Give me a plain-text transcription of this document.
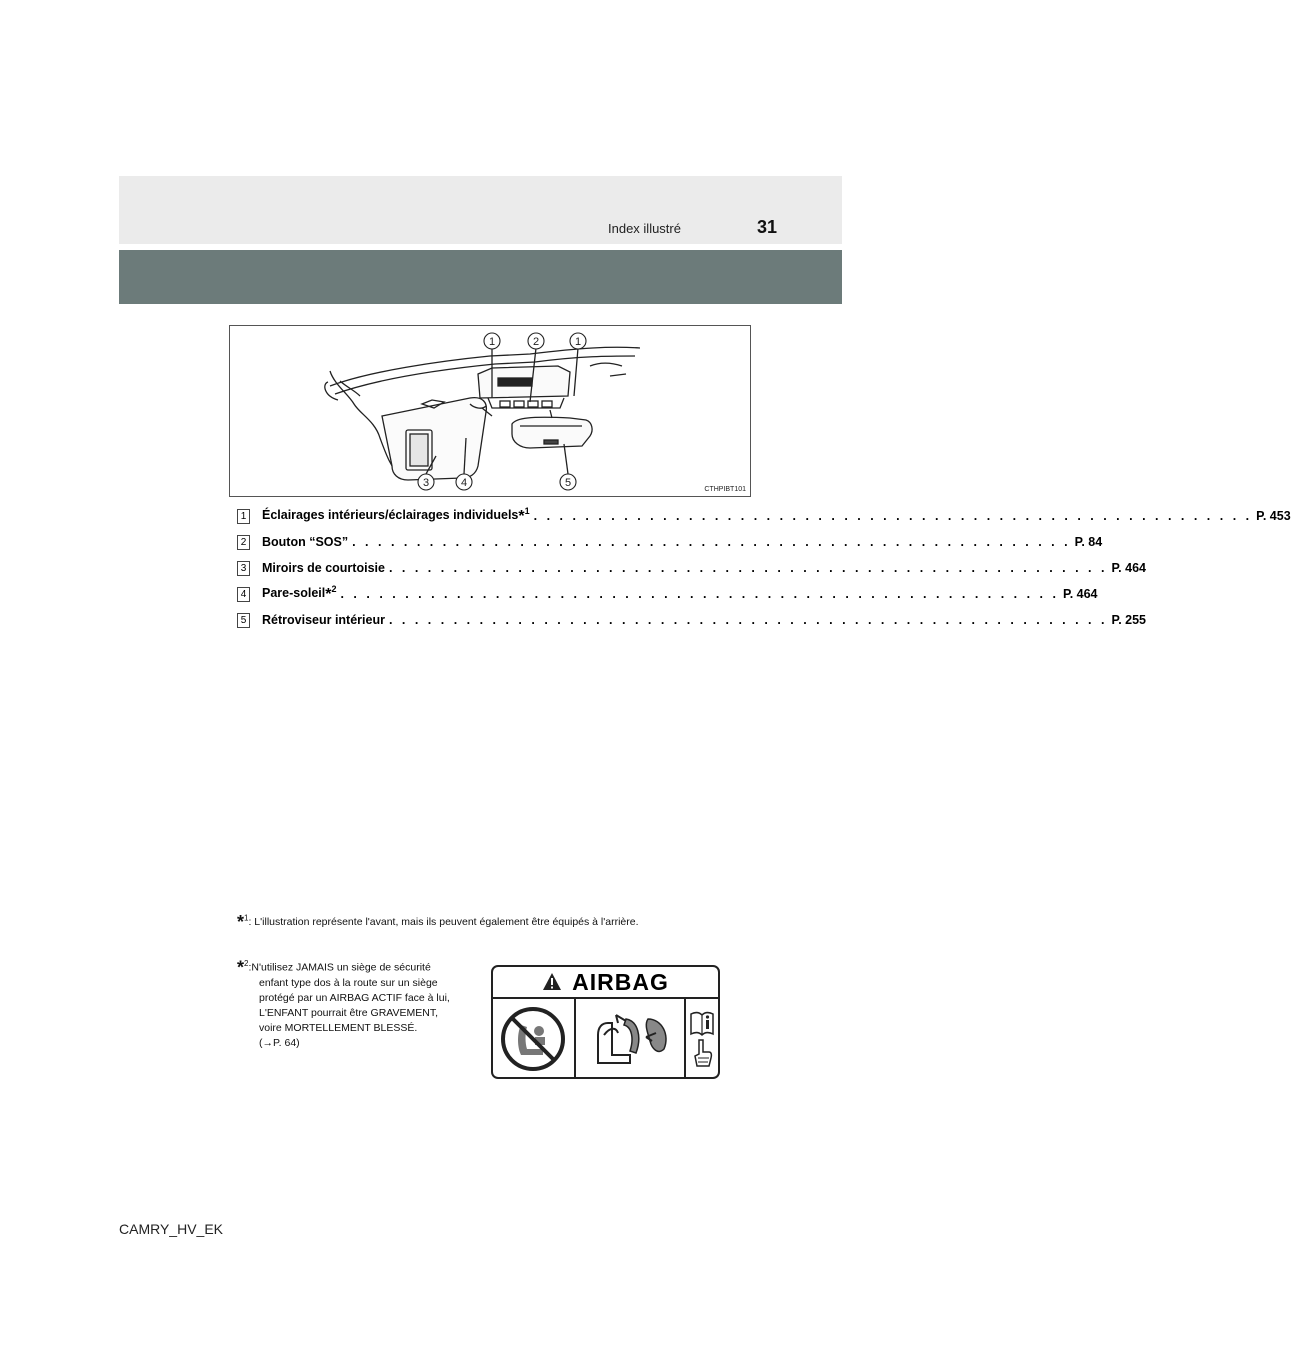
Index illustré	31
1	2	1
3	4	5
CTHPIBT101
1 Éclairages intérieurs/éclairages individuels*$^1$ . . . . . . . . . . . . . . . . . . . . . . . . . . . . . . . . . . . . . . . . . . . . . . . . . . . . . . . . P. 453
2 Bouton “SOS” . . . . . . . . . . . . . . . . . . . . . . . . . . . . . . . . . . . . . . . . . . . . . . . . . . . . . . . . P. 84
3 Miroirs de courtoisie . . . . . . . . . . . . . . . . . . . . . . . . . . . . . . . . . . . . . . . . . . . . . . . . . . . . . . . . P. 464
4 Pare-soleil*$^2$ . . . . . . . . . . . . . . . . . . . . . . . . . . . . . . . . . . . . . . . . . . . . . . . . . . . . . . . . P. 464
5 Rétroviseur intérieur . . . . . . . . . . . . . . . . . . . . . . . . . . . . . . . . . . . . . . . . . . . . . . . . . . . . . . . . P. 255
*$^1$: L'illustration représente l'avant, mais ils peuvent également être équipés à l'arrière.
*$^2$:N'utilisez JAMAIS un siège de sécurité
enfant type dos à la route sur un siège
protégé par un AIRBAG ACTIF face à lui,
L'ENFANT pourrait être GRAVEMENT,
voire MORTELLEMENT BLESSÉ.
(→P. 64)
AIRBAG
CAMRY_HV_EK
